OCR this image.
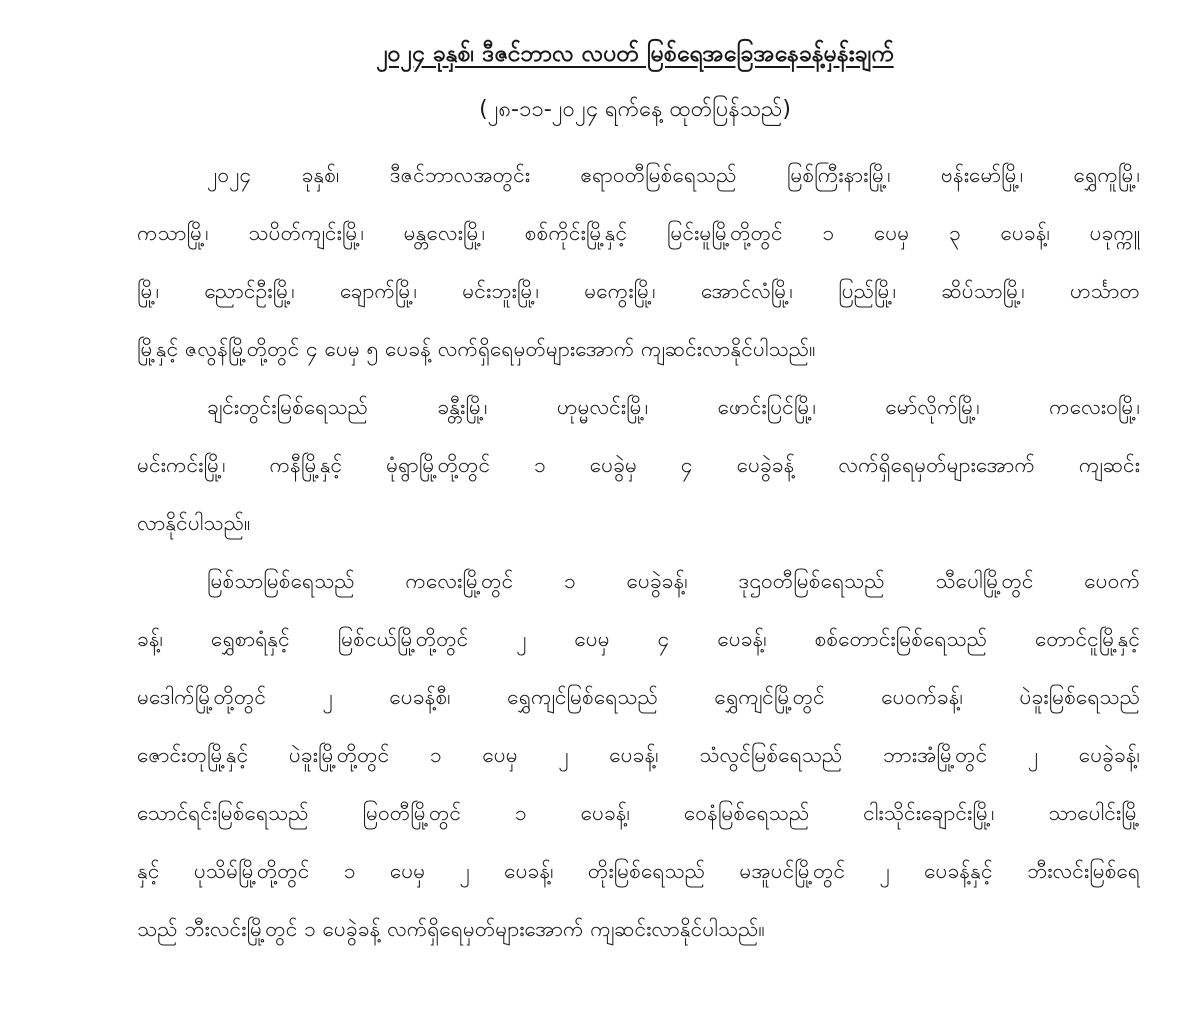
၂၀၂၄ ခုနှစ်၊ ဒီဇင်ဘာလ လပတ် မြစ်ရေအခြေအနေခန့်မှန်းချက်
(၂၈-၁၁-၂၀၂၄ ရက်နေ့ ထုတ်ပြန်သည်)
၂၀၂၄ ခုနှစ်၊ ဒီဇင်ဘာလအတွင်း ဧရာဝတီမြစ်ရေသည် မြစ်ကြီးနားမြို့၊ ဗန်းမော်မြို့၊ ရွှေကူမြို့၊
ကသာမြို့၊ သပိတ်ကျင်းမြို့၊ မန္တလေးမြို့၊ စစ်ကိုင်းမြို့နှင့် မြင်းမူမြို့တို့တွင် ၁ ပေမှ ၃ ပေခန့်၊ ပခုက္ကူ
မြို့၊ ညောင်ဦးမြို့၊ ချောက်မြို့၊ မင်းဘူးမြို့၊ မကွေးမြို့၊ အောင်လံမြို့၊ ပြည်မြို့၊ ဆိပ်သာမြို့၊ ဟင်္သာတ
မြို့နှင့် ဇလွန်မြို့တို့တွင် ၄ ပေမှ ၅ ပေခန့် လက်ရှိရေမှတ်များအောက် ကျဆင်းလာနိုင်ပါသည်။
ချင်းတွင်းမြစ်ရေသည် ခန္တီးမြို့၊ ဟုမ္မလင်းမြို့၊ ဖောင်းပြင်မြို့၊ မော်လိုက်မြို့၊ ကလေးဝမြို့၊
မင်းကင်းမြို့၊ ကနီမြို့နှင့် မုံရွာမြို့တို့တွင် ၁ ပေခွဲမှ ၄ ပေခွဲခန့် လက်ရှိရေမှတ်များအောက် ကျဆင်း
လာနိုင်ပါသည်။
မြစ်သာမြစ်ရေသည် ကလေးမြို့တွင် ၁ ပေခွဲခန့်၊ ဒုဌဝတီမြစ်ရေသည် သီပေါမြို့တွင် ပေဝက်
ခန့်၊ ရွှေစာရံနှင့် မြစ်ငယ်မြို့တို့တွင် ၂ ပေမှ ၄ ပေခန့်၊ စစ်တောင်းမြစ်ရေသည် တောင်ငူမြို့နှင့်
မဒေါက်မြို့တို့တွင် ၂ ပေခန့်စီ၊ ရွှေကျင်မြစ်ရေသည် ရွှေကျင်မြို့တွင် ပေဝက်ခန့်၊ ပဲခူးမြစ်ရေသည်
ဇောင်းတုမြို့နှင့် ပဲခူးမြို့တို့တွင် ၁ ပေမှ ၂ ပေခန့်၊ သံလွင်မြစ်ရေသည် ဘားအံမြို့တွင် ၂ ပေခွဲခန့်၊
သောင်ရင်းမြစ်ရေသည် မြဝတီမြို့တွင် ၁ ပေခန့်၊ ဝေနံမြစ်ရေသည် ငါးသိုင်းချောင်းမြို့၊ သာပေါင်းမြို့
နှင့် ပုသိမ်မြို့တို့တွင် ၁ ပေမှ ၂ ပေခန့်၊ တိုးမြစ်ရေသည် မအူပင်မြို့တွင် ၂ ပေခန့်နှင့် ဘီးလင်းမြစ်ရေ
သည် ဘီးလင်းမြို့တွင် ၁ ပေခွဲခန့် လက်ရှိရေမှတ်များအောက် ကျဆင်းလာနိုင်ပါသည်။
